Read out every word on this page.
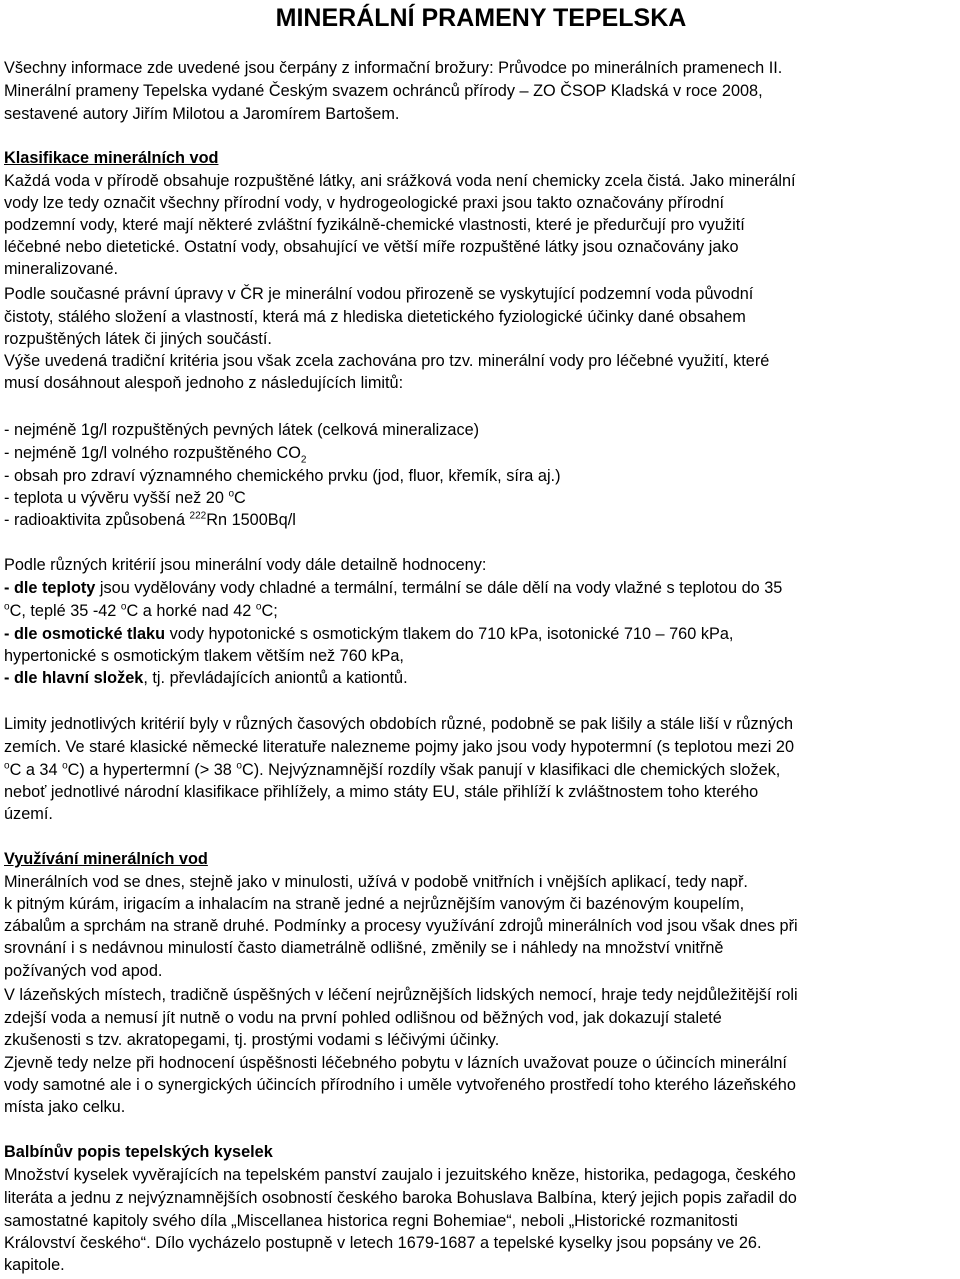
MINERÁLNÍ PRAMENY TEPELSKA
Všechny informace zde uvedené jsou čerpány z informační brožury: Průvodce po minerálních pramenech II.
Minerální prameny Tepelska vydané Českým svazem ochránců přírody – ZO ČSOP Kladská v roce 2008,
sestavené autory Jiřím Milotou a Jaromírem Bartošem.
Klasifikace minerálních vod
Každá voda v přírodě obsahuje rozpuštěné látky, ani srážková voda není chemicky zcela čistá. Jako minerální
vody lze tedy označit všechny přírodní vody, v hydrogeologické praxi jsou takto označovány přírodní
podzemní vody, které mají některé zvláštní fyzikálně-chemické vlastnosti, které je předurčují pro využití
léčebné nebo dietetické. Ostatní vody, obsahující ve větší míře rozpuštěné látky jsou označovány jako
mineralizované.
Podle současné právní úpravy v ČR je minerální vodou přirozeně se vyskytující podzemní voda původní
čistoty, stálého složení a vlastností, která má z hlediska dietetického fyziologické účinky dané obsahem
rozpuštěných látek či jiných součástí.
Výše uvedená tradiční kritéria jsou však zcela zachována pro tzv. minerální vody pro léčebné využití, které
musí dosáhnout alespoň jednoho z následujících limitů:
- nejméně 1g/l rozpuštěných pevných látek (celková mineralizace)
- nejméně 1g/l volného rozpuštěného $CO_2$
- obsah pro zdraví významného chemického prvku (jod, fluor, křemík, síra aj.)
- teplota u vývěru vyšší než 20 $^o$C
- radioaktivita způsobená $^{222}$Rn 1500Bq/l
Podle různých kritérií jsou minerální vody dále detailně hodnoceny:
- dle teploty jsou vydělovány vody chladné a termální, termální se dále dělí na vody vlažné s teplotou do 35
$^o$C, teplé 35 -42 $^o$C a horké nad 42 $^o$C;
- dle osmotické tlaku vody hypotonické s osmotickým tlakem do 710 kPa, isotonické 710 – 760 kPa,
hypertonické s osmotickým tlakem větším než 760 kPa,
- dle hlavní složek, tj. převládajících aniontů a kationtů.
Limity jednotlivých kritérií byly v různých časových obdobích různé, podobně se pak lišily a stále liší v různých
zemích. Ve staré klasické německé literatuře nalezneme pojmy jako jsou vody hypotermní (s teplotou mezi 20
$^o$C a 34 $^o$C) a hypertermní (> 38 $^o$C). Nejvýznamnější rozdíly však panují v klasifikaci dle chemických složek,
neboť jednotlivé národní klasifikace přihlížely, a mimo státy EU, stále přihlíží k zvláštnostem toho kterého
území.
Využívání minerálních vod
Minerálních vod se dnes, stejně jako v minulosti, užívá v podobě vnitřních i vnějších aplikací, tedy např.
k pitným kúrám, irigacím a inhalacím na straně jedné a nejrůznějším vanovým či bazénovým koupelím,
zábalům a sprchám na straně druhé. Podmínky a procesy využívání zdrojů minerálních vod jsou však dnes při
srovnání i s nedávnou minulostí často diametrálně odlišné, změnily se i náhledy na množství vnitřně
požívaných vod apod.
V lázeňských místech, tradičně úspěšných v léčení nejrůznějších lidských nemocí, hraje tedy nejdůležitější roli
zdejší voda a nemusí jít nutně o vodu na první pohled odlišnou od běžných vod, jak dokazují staleté
zkušenosti s tzv. akratopegami, tj. prostými vodami s léčivými účinky.
Zjevně tedy nelze při hodnocení úspěšnosti léčebného pobytu v lázních uvažovat pouze o účincích minerální
vody samotné ale i o synergických účincích přírodního i uměle vytvořeného prostředí toho kterého lázeňského
místa jako celku.
Balbínův popis tepelských kyselek
Množství kyselek vyvěrajících na tepelském panství zaujalo i jezuitského kněze, historika, pedagoga, českého
literáta a jednu z nejvýznamnějších osobností českého baroka Bohuslava Balbína, který jejich popis zařadil do
samostatné kapitoly svého díla „Miscellanea historica regni Bohemiae“, neboli „Historické rozmanitosti
Království českého“. Dílo vycházelo postupně v letech 1679-1687 a tepelské kyselky jsou popsány ve 26.
kapitole.
